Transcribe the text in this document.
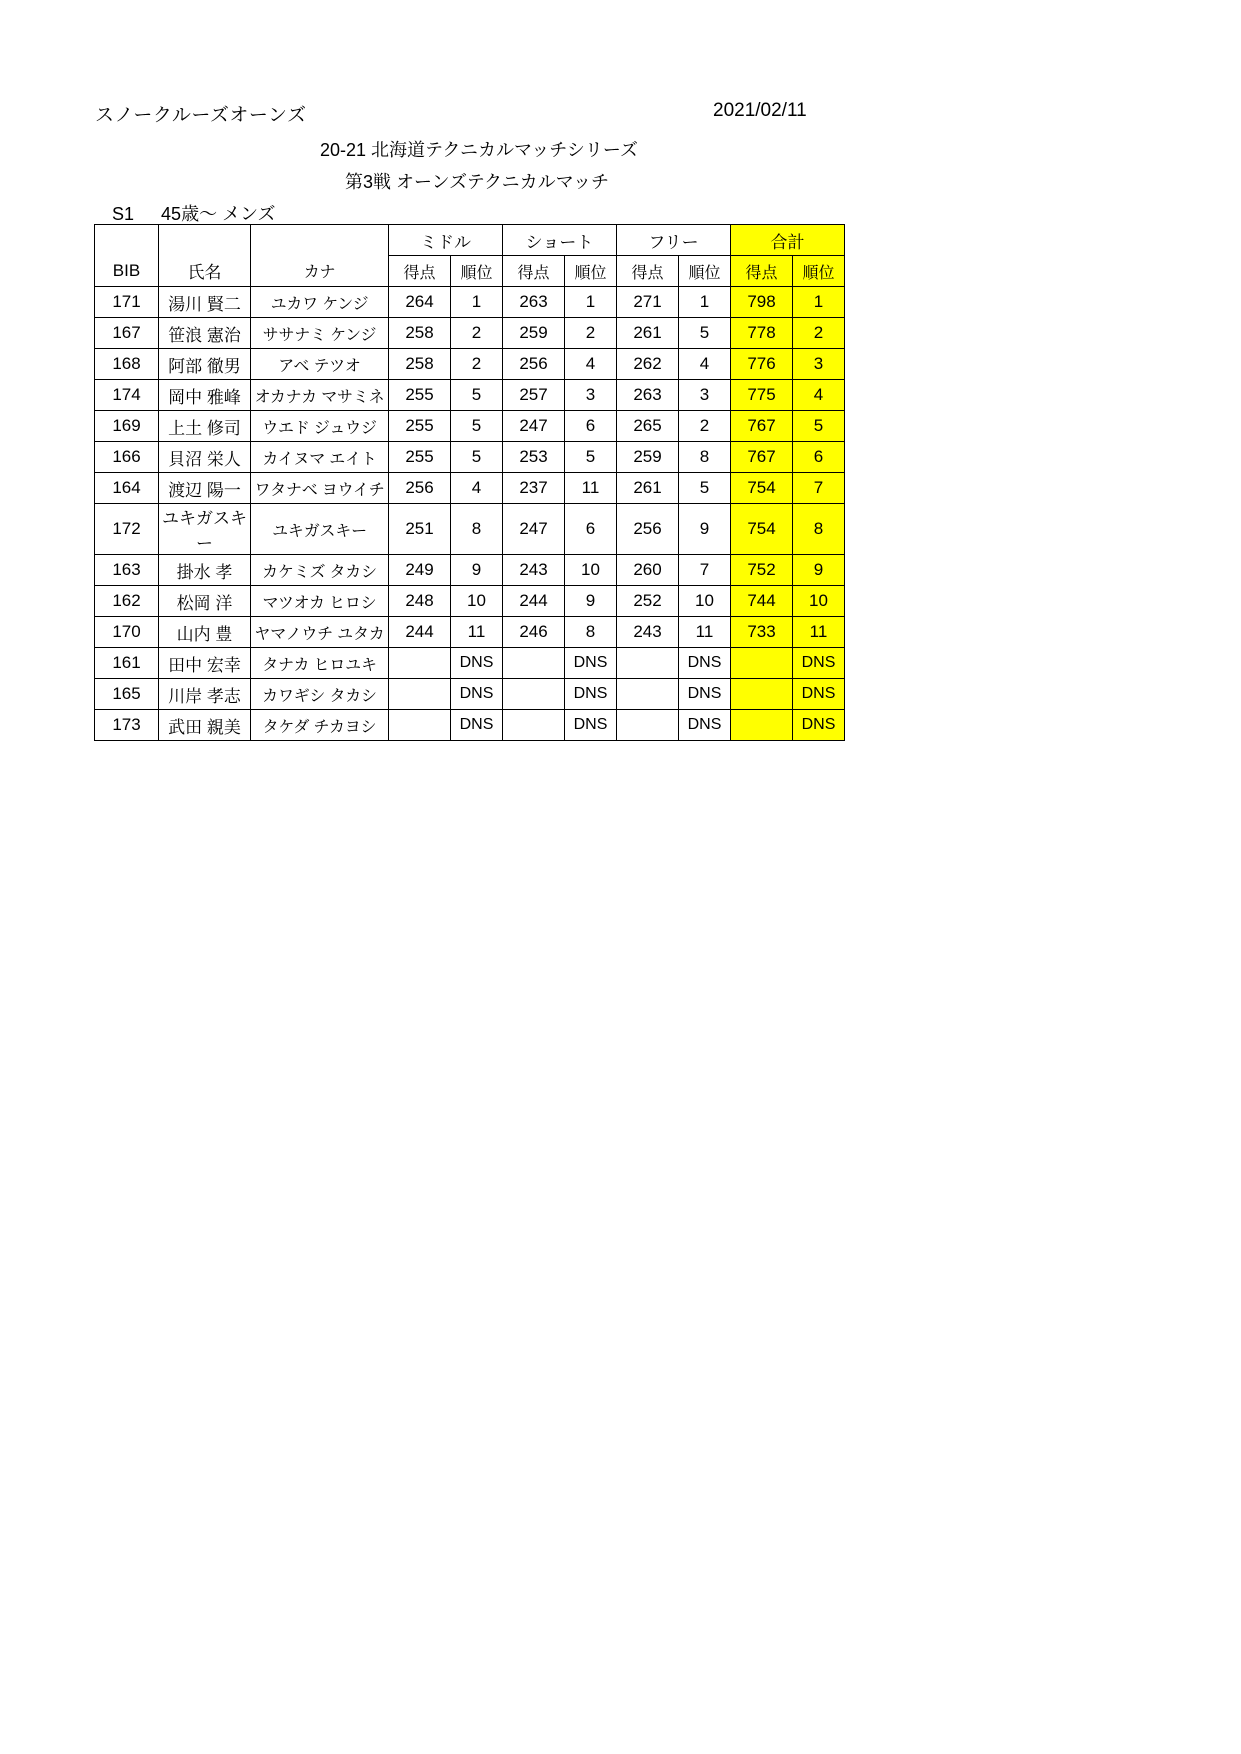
スノークルーズオーンズ	2021/02/11
20-21 北海道テクニカルマッチシリーズ
第3戦 オーンズテクニカルマッチ
S1 45歳～ メンズ
			ミドル		ショート		フリー		合計	
BIB	氏名	カナ	得点	順位	得点	順位	得点	順位	得点	順位
171	湯川 賢二	ユカワ ケンジ	264	1	263	1	271	1	798	1
167	笹浪 憲治	ササナミ ケンジ	258	2	259	2	261	5	778	2
168	阿部 徹男	アベ テツオ	258	2	256	4	262	4	776	3
174	岡中 雅峰	オカナカ マサミネ	255	5	257	3	263	3	775	4
169	上土 修司	ウエド ジュウジ	255	5	247	6	265	2	767	5
166	貝沼 栄人	カイヌマ エイト	255	5	253	5	259	8	767	6
164	渡辺 陽一	ワタナベ ヨウイチ	256	4	237	11	261	5	754	7
172	ユキガスキー	ユキガスキー	251	8	247	6	256	9	754	8
163	掛水 孝	カケミズ タカシ	249	9	243	10	260	7	752	9
162	松岡 洋	マツオカ ヒロシ	248	10	244	9	252	10	744	10
170	山内 豊	ヤマノウチ ユタカ	244	11	246	8	243	11	733	11
161	田中 宏幸	タナカ ヒロユキ		DNS		DNS		DNS		DNS
165	川岸 孝志	カワギシ タカシ		DNS		DNS		DNS		DNS
173	武田 親美	タケダ チカヨシ		DNS		DNS		DNS		DNS
